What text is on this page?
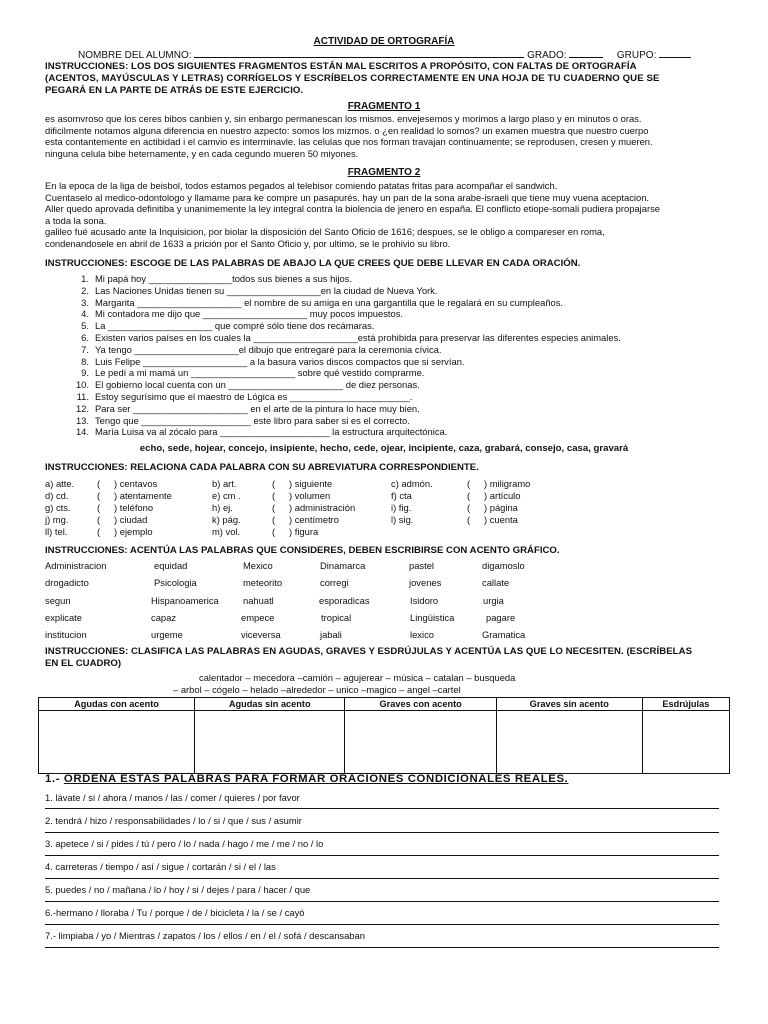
ACTIVIDAD DE ORTOGRAFÍA
NOMBRE DEL ALUMNO:	GRADO:	GRUPO:
INSTRUCCIONES: LOS DOS SIGUIENTES FRAGMENTOS ESTÁN MAL ESCRITOS A PROPÓSITO, CON FALTAS DE ORTOGRAFÍA
(ACENTOS, MAYÚSCULAS Y LETRAS) CORRÍGELOS Y ESCRÍBELOS CORRECTAMENTE EN UNA HOJA DE TU CUADERNO QUE SE
PEGARÁ EN LA PARTE DE ATRÁS DE ESTE EJERCICIO.
FRAGMENTO 1
es asomvroso que los ceres bibos canbien y, sin enbargo permanescan los mismos. envejesemos y morimos a largo plaso y en minutos o oras.
dificilmente notamos alguna diferencia en nuestro azpecto: somos los mizmos. o ¿en realidad lo somos? un examen muestra que nuestro cuerpo
esta contantemente en actibidad i el camvio es interminavle. las celulas que nos forman travajan continuamente; se reprodusen, cresen y mueren.
ninguna celula bibe heternamente, y en cada cegundo mueren 50 miyones.
FRAGMENTO 2
En la epoca de la liga de beisbol, todos estamos pegados al telebisor comiendo patatas fritas para acompañar el sandwich.
Cuentaselo al medico-odontologo y llamame para ke compre un pasapurés. hay un pan de la sona arabe-israeli que tiene muy vuena aceptacion.
Aller quedo aprovada definitiba y unanimemente la ley integral contra la biolencia de jenero en españa. El conflicto etiope-somali pudiera propajarse
a toda la sona.
galileo fué acusado ante la Inquisicion, por biolar la disposición del Santo Oficio de 1616; despues, se le obligo a compareser en roma,
condenandosele en abril de 1633 a prición por el Santo Oficio y, por ultimo, se le prohivio su libro.
INSTRUCCIONES: ESCOGE DE LAS PALABRAS DE ABAJO LA QUE CREES QUE DEBE LLEVAR EN CADA ORACIÓN.
1. Mi papá hoy ________________todos sus bienes a sus hijos.
2. Las Naciones Unidas tienen su __________________en la ciudad de Nueva York.
3. Margarita ____________________ el nombre de su amiga en una gargantilla que le regalará en su cumpleaños.
4. Mi contadora me dijo que ____________________ muy pocos impuestos.
5. La ____________________ que compré sólo tiene dos recámaras.
6. Existen varios países en los cuales la ____________________está prohibida para preservar las diferentes especies animales.
7. Ya tengo ____________________el dibujo que entregaré para la ceremonia cívica.
8. Luis Felipe ____________________ a la basura varios discos compactos que si servían.
9. Le pedí a mi mamá un ____________________ sobre qué vestido comprarme.
10. El gobierno local cuenta con un ______________________ de diez personas.
11. Estoy segurísimo que el maestro de Lógica es _______________________.
12. Para ser ______________________ en el arte de la pintura lo hace muy bien.
13. Tengo que _____________________ este libro para saber si es el correcto.
14. María Luisa va al zócalo para _____________________ la estructura arquitectónica.
echo, sede, hojear, concejo, insipiente, hecho, cede, ojear, incipiente, caza, grabará, consejo, casa, gravará
INSTRUCCIONES: RELACIONA CADA PALABRA CON SU ABREVIATURA CORRESPONDIENTE.
a) atte. ( ) centavos	b) art.	( ) siguiente	c) admón.	( ) miligramo
d) cd.	( ) atentamente	e) cm .	( ) volumen	f) cta	( ) artículo
g) cts.	( ) teléfono	h) ej.	( ) administración	i) fig.	( ) página
j) mg.	( ) ciudad	k) pág.	( ) centímetro	l) sig.	( ) cuenta
ll) tel.	( ) ejemplo	m) vol.	( ) figura
INSTRUCCIONES: ACENTÚA LAS PALABRAS QUE CONSIDERES, DEBEN ESCRIBIRSE CON ACENTO GRÁFICO.
Administracion	equidad	Mexico	Dinamarca	pastel	digamoslo
drogadicto	Psicologia	meteorito	corregi	jovenes	callate
segun	Hispanoamerica	nahuatl	esporadicas	Isidoro	urgia
explicate	capaz	empece	tropical	Lingüistica	pagare
institucion	urgeme	viceversa	jabali	lexico	Gramatica
INSTRUCCIONES: CLASIFICA LAS PALABRAS EN AGUDAS, GRAVES Y ESDRÚJULAS Y ACENTÚA LAS QUE LO NECESITEN. (ESCRÍBELAS
EN EL CUADRO)
calentador – mecedora –camión – agujerear – música – catalan – busqueda
– arbol – cógelo – helado –alrededor – unico –magico – angel –cartel
Agudas con acento	Agudas sin acento	Graves con acento	Graves sin acento	Esdrújulas

1.- ORDENA ESTAS PALABRAS PARA FORMAR ORACIONES CONDICIONALES REALES.
1. lávate / si / ahora / manos / las / comer / quieres / por favor
2. tendrá / hizo / responsabilidades / lo / si / que / sus / asumir
3. apetece / si / pides / tú / pero / lo / nada / hago / me / me / no / lo
4. carreteras / tiempo / así / sigue / cortarán / si / el / las
5. puedes / no / mañana / lo / hoy / si / dejes / para / hacer / que
6.-hermano / lloraba / Tu / porque / de / bicicleta / la / se / cayó
7.- limpiaba / yo / Mientras / zapatos / los / ellos / en / el / sofá / descansaban
